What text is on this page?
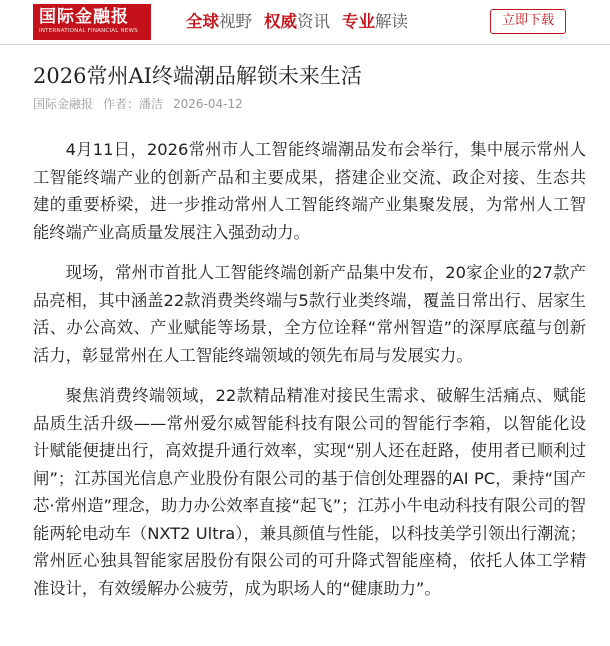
国际金融报
INTERNATIONAL FINANCIAL NEWS	全球视野 权威资讯 专业解读	立即下载
2026常州AI终端潮品解锁未来生活
国际金融报 作者：潘洁 2026-04-12

4月11日，2026常州市人工智能终端潮品发布会举行，集中展示常州人工智能终端产业的创新产品和主要成果，搭建企业交流、政企对接、生态共建的重要桥梁，进一步推动常州人工智能终端产业集聚发展，为常州人工智能终端产业高质量发展注入强劲动力。

现场，常州市首批人工智能终端创新产品集中发布，20家企业的27款产品亮相，其中涵盖22款消费类终端与5款行业类终端，覆盖日常出行、居家生活、办公高效、产业赋能等场景，全方位诠释“常州智造”的深厚底蕴与创新活力，彰显常州在人工智能终端领域的领先布局与发展实力。

聚焦消费终端领域，22款精品精准对接民生需求、破解生活痛点、赋能品质生活升级——常州爱尔威智能科技有限公司的智能行李箱，以智能化设计赋能便捷出行，高效提升通行效率，实现“别人还在赶路，使用者已顺利过闸”；江苏国光信息产业股份有限公司的基于信创处理器的AI PC，秉持“国产芯·常州造”理念，助力办公效率直接“起飞”；江苏小牛电动科技有限公司的智能两轮电动车（NXT2 Ultra），兼具颜值与性能，以科技美学引领出行潮流；常州匠心独具智能家居股份有限公司的可升降式智能座椅，依托人体工学精准设计，有效缓解办公疲劳，成为职场人的“健康助力”。
